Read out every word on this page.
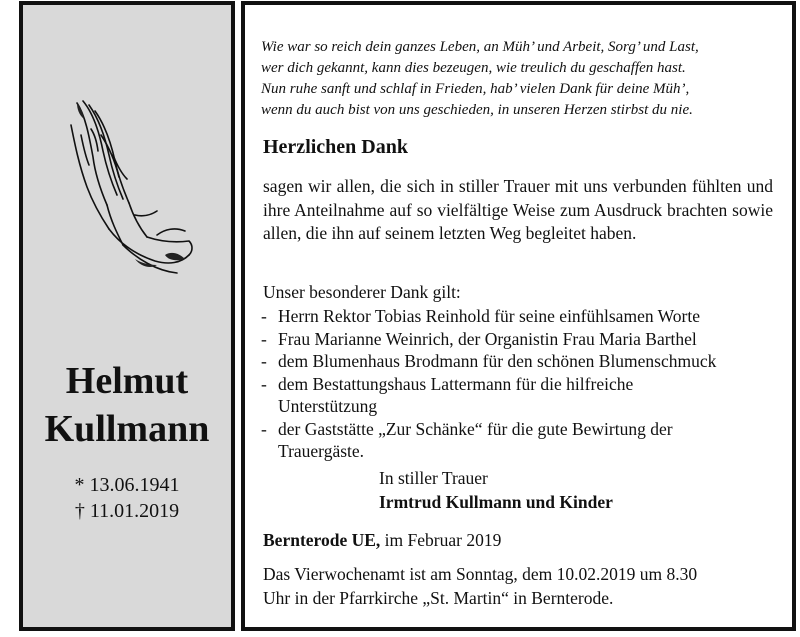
Helmut
Kullmann
* 13.06.1941
† 11.01.2019
Wie war so reich dein ganzes Leben, an Müh’ und Arbeit, Sorg’ und Last,
wer dich gekannt, kann dies bezeugen, wie treulich du geschaffen hast.
Nun ruhe sanft und schlaf in Frieden, hab’ vielen Dank für deine Müh’,
wenn du auch bist von uns geschieden, in unseren Herzen stirbst du nie.
Herzlichen Dank
sagen wir allen, die sich in stiller Trauer mit uns verbunden fühlten und ihre Anteilnahme auf so vielfältige Weise zum Ausdruck brachten sowie allen, die ihn auf seinem letzten Weg begleitet haben.
Unser besonderer Dank gilt:
- Herrn Rektor Tobias Reinhold für seine einfühlsamen Worte
- Frau Marianne Weinrich, der Organistin Frau Maria Barthel
- dem Blumenhaus Brodmann für den schönen Blumenschmuck
- dem Bestattungshaus Lattermann für die hilfreiche
Unterstützung
- der Gaststätte „Zur Schänke“ für die gute Bewirtung der
Trauergäste.
In stiller Trauer
Irmtrud Kullmann und Kinder
Bernterode UE, im Februar 2019
Das Vierwochenamt ist am Sonntag, dem 10.02.2019 um 8.30
Uhr in der Pfarrkirche „St. Martin“ in Bernterode.
